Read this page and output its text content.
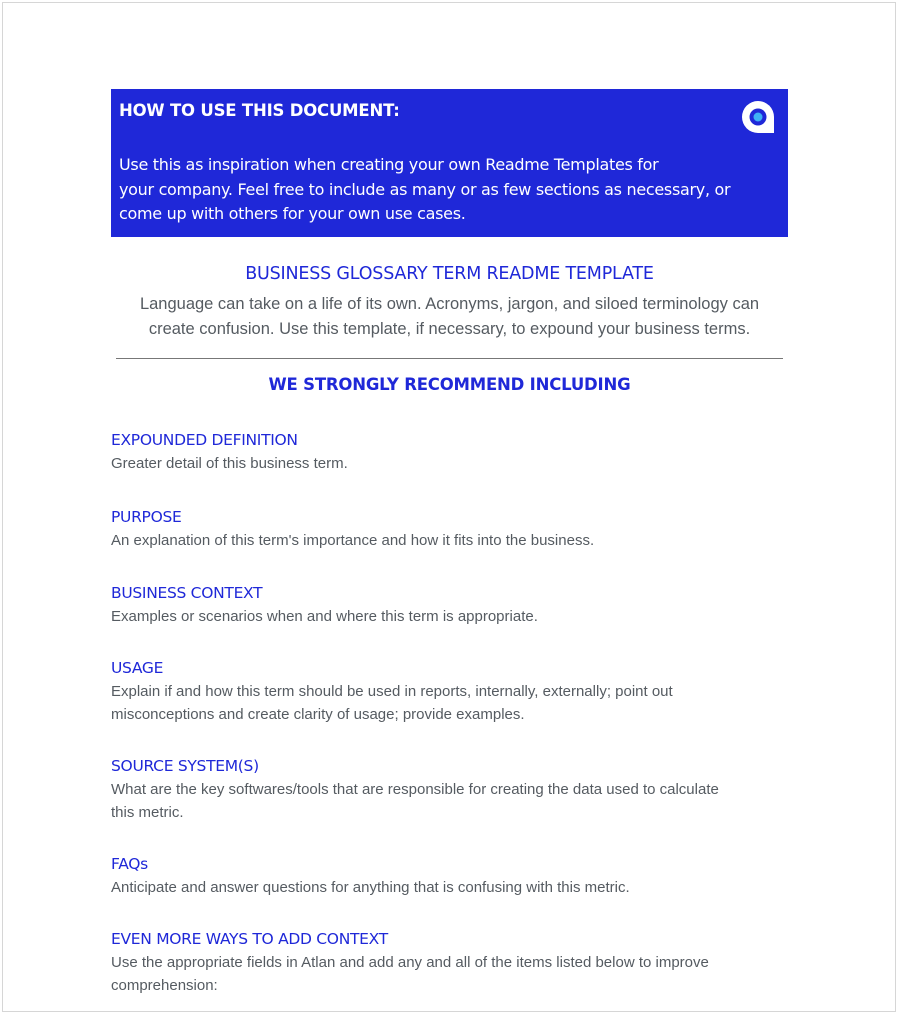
HOW TO USE THIS DOCUMENT:

Use this as inspiration when creating your own Readme Templates for
your company. Feel free to include as many or as few sections as necessary, or
come up with others for your own use cases.

BUSINESS GLOSSARY TERM README TEMPLATE

Language can take on a life of its own. Acronyms, jargon, and siloed terminology can
create confusion. Use this template, if necessary, to expound your business terms.

WE STRONGLY RECOMMEND INCLUDING

EXPOUNDED DEFINITION

Greater detail of this business term.

PURPOSE

An explanation of this term's importance and how it fits into the business.

BUSINESS CONTEXT

Examples or scenarios when and where this term is appropriate.

USAGE

Explain if and how this term should be used in reports, internally, externally; point out
misconceptions and create clarity of usage; provide examples.

SOURCE SYSTEM(S)

What are the key softwares/tools that are responsible for creating the data used to calculate
this metric.

FAQs

Anticipate and answer questions for anything that is confusing with this metric.

EVEN MORE WAYS TO ADD CONTEXT

Use the appropriate fields in Atlan and add any and all of the items listed below to improve
comprehension:
